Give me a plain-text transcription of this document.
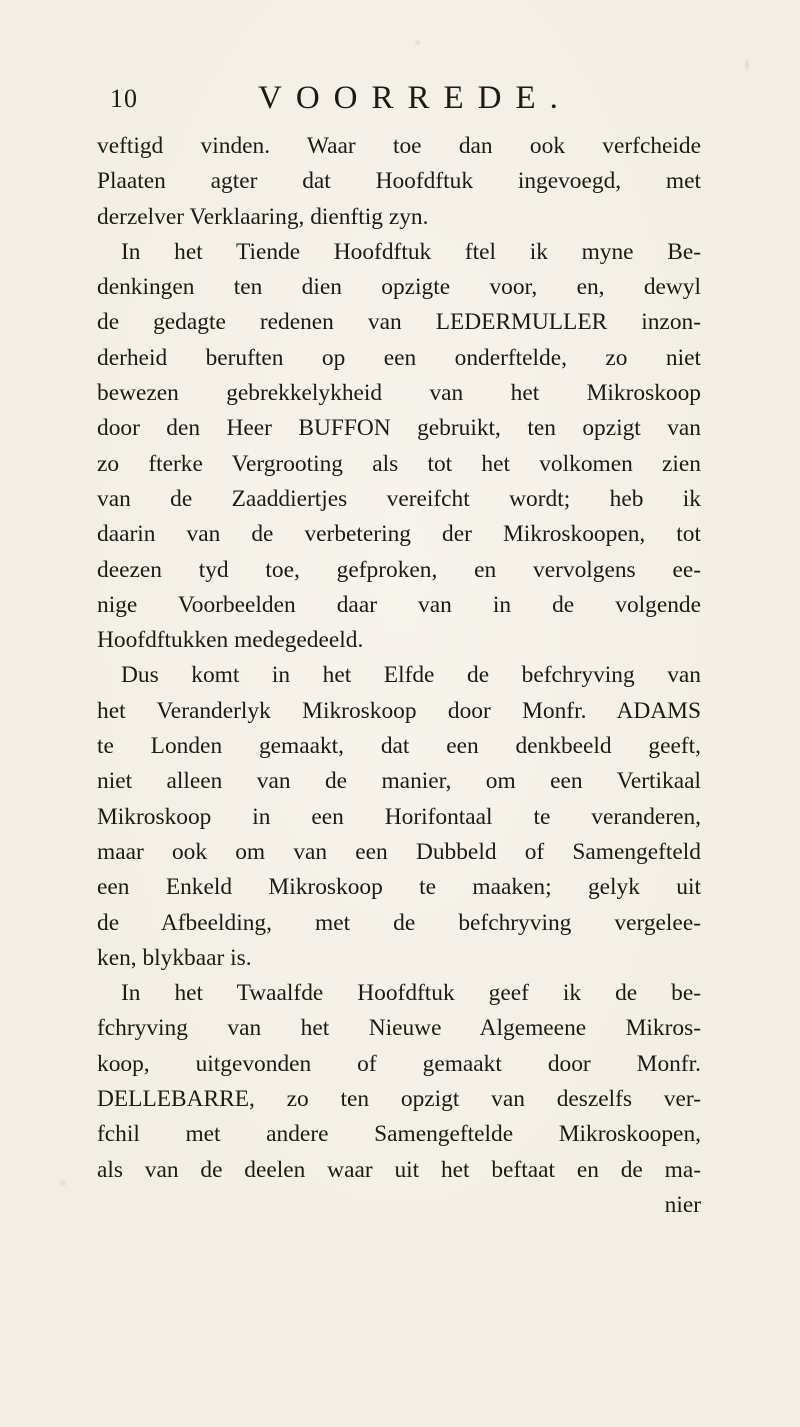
10	VOORREDE.
veftigd vinden. Waar toe dan ook verfcheide
Plaaten agter dat Hoofdftuk ingevoegd, met
derzelver Verklaaring, dienftig zyn.
In het Tiende Hoofdftuk ftel ik myne Be-
denkingen ten dien opzigte voor, en, dewyl
de gedagte redenen van LEDERMULLER inzon-
derheid beruften op een onderftelde, zo niet
bewezen gebrekkelykheid van het Mikroskoop
door den Heer BUFFON gebruikt, ten opzigt van
zo fterke Vergrooting als tot het volkomen zien
van de Zaaddiertjes vereifcht wordt; heb ik
daarin van de verbetering der Mikroskoopen, tot
deezen tyd toe, gefproken, en vervolgens ee-
nige Voorbeelden daar van in de volgende
Hoofdftukken medegedeeld.
Dus komt in het Elfde de befchryving van
het Veranderlyk Mikroskoop door Monfr. ADAMS
te Londen gemaakt, dat een denkbeeld geeft,
niet alleen van de manier, om een Vertikaal
Mikroskoop in een Horifontaal te veranderen,
maar ook om van een Dubbeld of Samengefteld
een Enkeld Mikroskoop te maaken; gelyk uit
de Afbeelding, met de befchryving vergelee-
ken, blykbaar is.
In het Twaalfde Hoofdftuk geef ik de be-
fchryving van het Nieuwe Algemeene Mikros-
koop, uitgevonden of gemaakt door Monfr.
DELLEBARRE, zo ten opzigt van deszelfs ver-
fchil met andere Samengeftelde Mikroskoopen,
als van de deelen waar uit het beftaat en de ma-
nier
